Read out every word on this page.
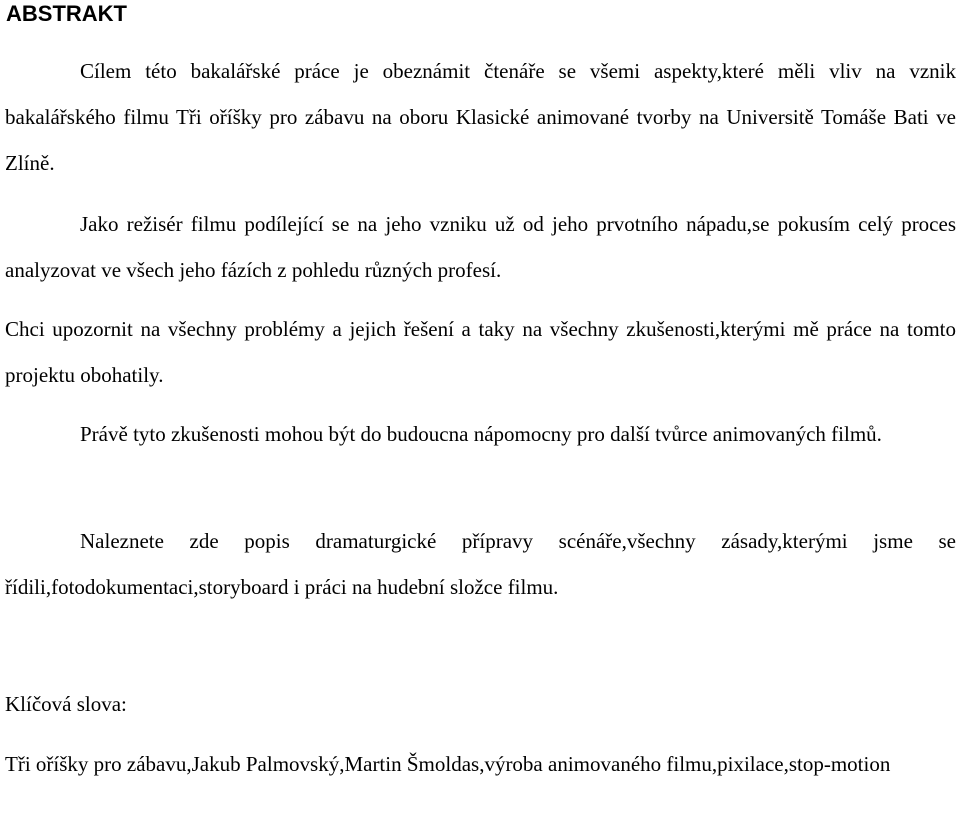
ABSTRAKT

Cílem této bakalářské práce je obeznámit čtenáře se všemi aspekty,které měli vliv na vznik bakalářského filmu Tři oříšky pro zábavu na oboru Klasické animované tvorby na Universitě Tomáše Bati ve Zlíně.

Jako režisér filmu podílející se na jeho vzniku už od jeho prvotního nápadu,se pokusím celý proces analyzovat ve všech jeho fázích z pohledu různých profesí.

Chci upozornit na všechny problémy a jejich řešení a taky na všechny zkušenosti,kterými mě práce na tomto projektu obohatily.

Právě tyto zkušenosti mohou být do budoucna nápomocny pro další tvůrce animovaných filmů.

Naleznete zde popis dramaturgické přípravy scénáře,všechny zásady,kterými jsme se řídili,fotodokumentaci,storyboard i práci na hudební složce filmu.

Klíčová slova:

Tři oříšky pro zábavu,Jakub Palmovský,Martin Šmoldas,výroba animovaného filmu,pixilace,stop-motion
